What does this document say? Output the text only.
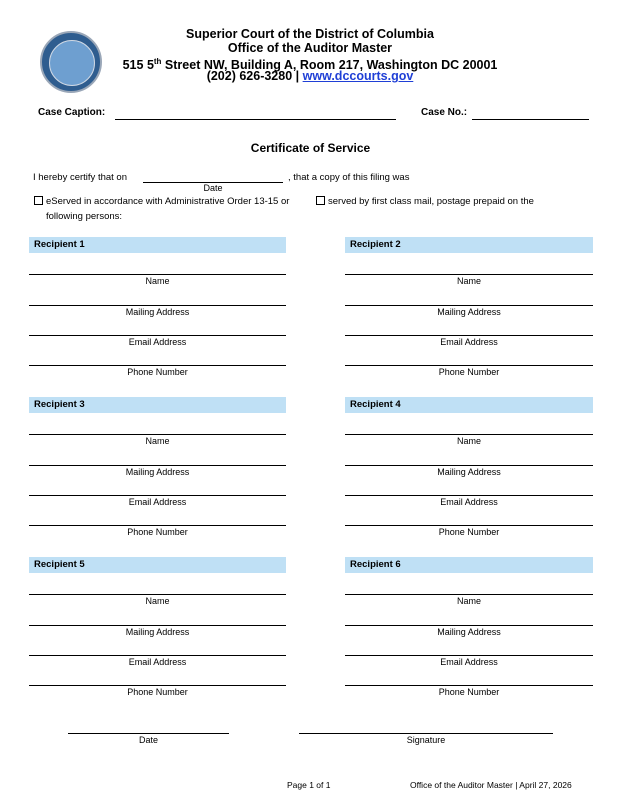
Superior Court of the District of Columbia
Office of the Auditor Master
515 5th Street NW, Building A, Room 217, Washington DC 20001
(202) 626-3280 | www.dccourts.gov
Case Caption:	Case No.:
Certificate of Service
I hereby certify that on	, that a copy of this filing was
Date
eServed in accordance with Administrative Order 13-15 or	served by first class mail, postage prepaid on the
following persons:
Recipient 1
Name
Mailing Address
Email Address
Phone Number
Recipient 2
Name
Mailing Address
Email Address
Phone Number
Recipient 3
Name
Mailing Address
Email Address
Phone Number
Recipient 4
Name
Mailing Address
Email Address
Phone Number
Recipient 5
Name
Mailing Address
Email Address
Phone Number
Recipient 6
Name
Mailing Address
Email Address
Phone Number
Date	Signature
Page 1 of 1	Office of the Auditor Master | April 27, 2026
